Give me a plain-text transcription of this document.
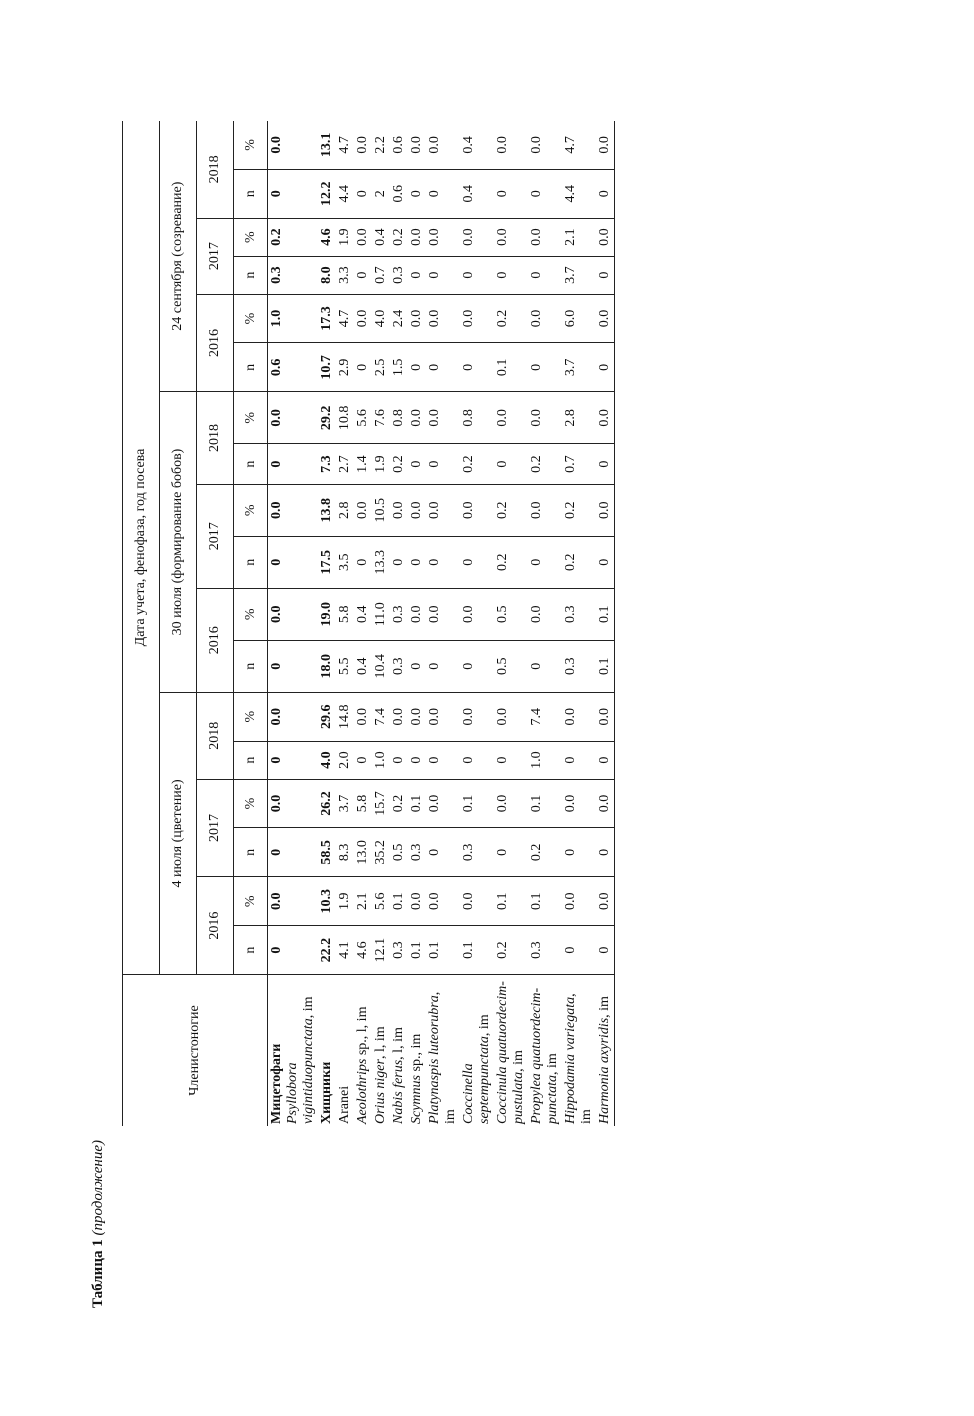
Таблица 1 (продолжение)
Членистоногие	Дата учета, фенофаза, год посева																	
	4 июля (цветение)						30 июля (формирование бобов)						24 сентября (созревание)					
	2016		2017		2018		2016		2017		2018		2016		2017		2018	
	n	%	n	%	n	%	n	%	n	%	n	%	n	%	n	%	n	%
Мицетофаги
Psyllobora vigintiduopunctata, im	0	0.0	0	0.0	0	0.0	0	0.0	0	0.0	0	0.0	0.6	1.0	0.3	0.2	0	0.0
Хищники	22.2	10.3	58.5	26.2	4.0	29.6	18.0	19.0	17.5	13.8	7.3	29.2	10.7	17.3	8.0	4.6	12.2	13.1
Aranei	4.1	1.9	8.3	3.7	2.0	14.8	5.5	5.8	3.5	2.8	2.7	10.8	2.9	4.7	3.3	1.9	4.4	4.7
Aeolothrips sp., l, im	4.6	2.1	13.0	5.8	0	0.0	0.4	0.4	0	0.0	1.4	5.6	0	0.0	0	0.0	0	0.0
Orius niger, l, im	12.1	5.6	35.2	15.7	1.0	7.4	10.4	11.0	13.3	10.5	1.9	7.6	2.5	4.0	0.7	0.4	2	2.2
Nabis ferus, l, im	0.3	0.1	0.5	0.2	0	0.0	0.3	0.3	0	0.0	0.2	0.8	1.5	2.4	0.3	0.2	0.6	0.6
Scymnus sp., im	0.1	0.0	0.3	0.1	0	0.0	0	0.0	0	0.0	0	0.0	0	0.0	0	0.0	0	0.0
Platynaspis luteorubra, im	0.1	0.0	0	0.0	0	0.0	0	0.0	0	0.0	0	0.0	0	0.0	0	0.0	0	0.0
Coccinella septempunctata, im	0.1	0.0	0.3	0.1	0	0.0	0	0.0	0	0.0	0.2	0.8	0	0.0	0	0.0	0.4	0.4
Coccinula quatuordecim-pustulata, im	0.2	0.1	0	0.0	0	0.0	0.5	0.5	0.2	0.2	0	0.0	0.1	0.2	0	0.0	0	0.0
Propylea quatuordecim-punctata, im	0.3	0.1	0.2	0.1	1.0	7.4	0	0.0	0	0.0	0.2	0.0	0	0.0	0	0.0	0	0.0
Hippodamia variegata, im	0	0.0	0	0.0	0	0.0	0.3	0.3	0.2	0.2	0.7	2.8	3.7	6.0	3.7	2.1	4.4	4.7
Harmonia axyridis, im	0	0.0	0	0.0	0	0.0	0.1	0.1	0	0.0	0	0.0	0	0.0	0	0.0	0	0.0
